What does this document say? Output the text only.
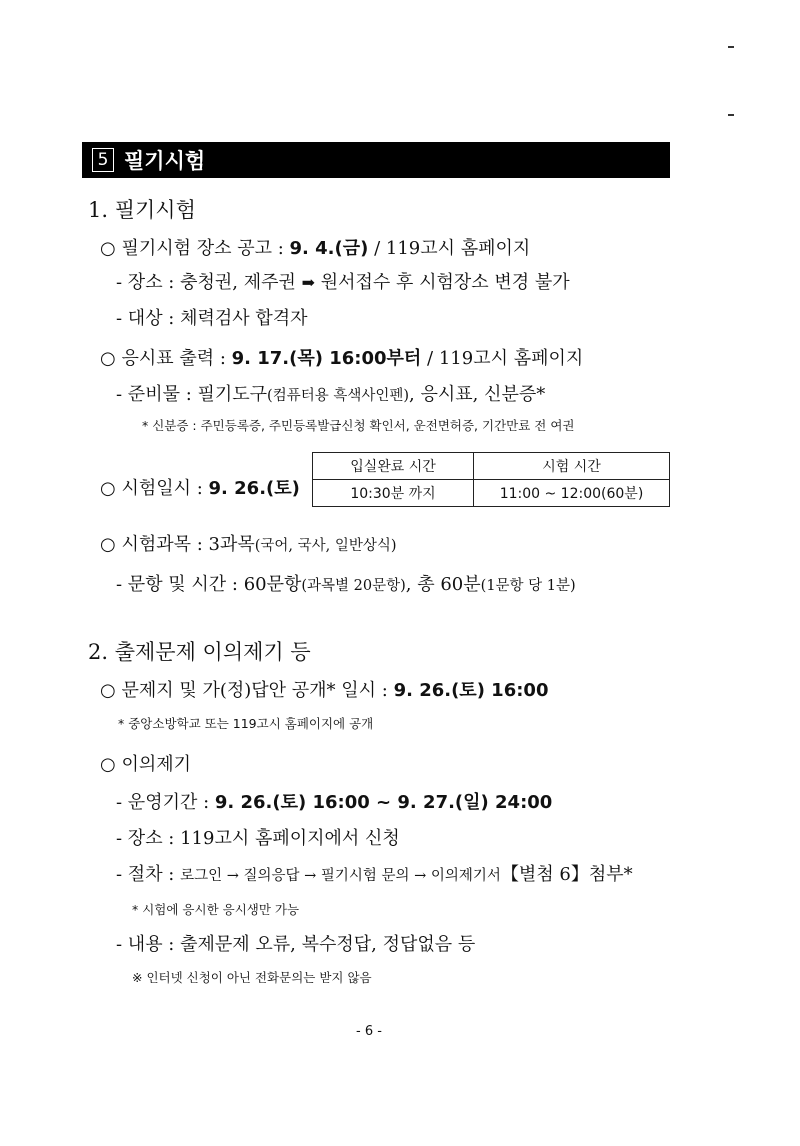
5 필기시험
1. 필기시험
○ 필기시험 장소 공고 : 9. 4.(금) / 119고시 홈페이지
- 장소 : 충청권, 제주권 ➡ 원서접수 후 시험장소 변경 불가
- 대상 : 체력검사 합격자
○ 응시표 출력 : 9. 17.(목) 16:00부터 / 119고시 홈페이지
- 준비물 : 필기도구(컴퓨터용 흑색사인펜), 응시표, 신분증*
* 신분증 : 주민등록증, 주민등록발급신청 확인서, 운전면허증, 기간만료 전 여권
○ 시험일시 : 9. 26.(토)
입실완료 시간	시험 시간
10:30분 까지	11:00 ~ 12:00(60분)
○ 시험과목 : 3과목(국어, 국사, 일반상식)
- 문항 및 시간 : 60문항(과목별 20문항), 총 60분(1문항 당 1분)
2. 출제문제 이의제기 등
○ 문제지 및 가(정)답안 공개* 일시 : 9. 26.(토) 16:00
* 중앙소방학교 또는 119고시 홈페이지에 공개
○ 이의제기
- 운영기간 : 9. 26.(토) 16:00 ~ 9. 27.(일) 24:00
- 장소 : 119고시 홈페이지에서 신청
- 절차 : 로그인 → 질의응답 → 필기시험 문의 → 이의제기서【별첨 6】첨부*
* 시험에 응시한 응시생만 가능
- 내용 : 출제문제 오류, 복수정답, 정답없음 등
※ 인터넷 신청이 아닌 전화문의는 받지 않음
- 6 -
